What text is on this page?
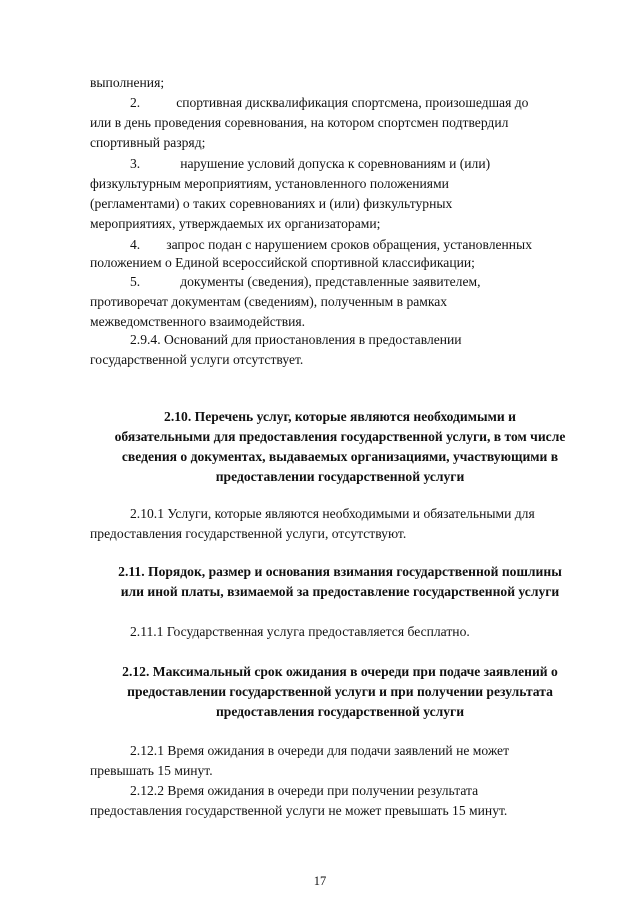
выполнения;
2.	спортивная дисквалификация спортсмена, произошедшая до
или в день проведения соревнования, на котором спортсмен подтвердил
спортивный разряд;
3.	нарушение условий допуска к соревнованиям и (или)
физкультурным мероприятиям, установленного положениями
(регламентами) о таких соревнованиях и (или) физкультурных
мероприятиях, утверждаемых их организаторами;
4. запрос подан с нарушением сроков обращения, установленных
положением о Единой всероссийской спортивной классификации;
5.	документы (сведения), представленные заявителем,
противоречат документам (сведениям), полученным в рамках
межведомственного взаимодействия.
2.9.4. Оснований для приостановления в предоставлении
государственной услуги отсутствует.
2.10. Перечень услуг, которые являются необходимыми и
обязательными для предоставления государственной услуги, в том числе
сведения о документах, выдаваемых организациями, участвующими в
предоставлении государственной услуги
2.10.1 Услуги, которые являются необходимыми и обязательными для
предоставления государственной услуги, отсутствуют.
2.11. Порядок, размер и основания взимания государственной пошлины
или иной платы, взимаемой за предоставление государственной услуги
2.11.1 Государственная услуга предоставляется бесплатно.
2.12. Максимальный срок ожидания в очереди при подаче заявлений о
предоставлении государственной услуги и при получении результата
предоставления государственной услуги
2.12.1 Время ожидания в очереди для подачи заявлений не может
превышать 15 минут.
2.12.2 Время ожидания в очереди при получении результата
предоставления государственной услуги не может превышать 15 минут.
17
